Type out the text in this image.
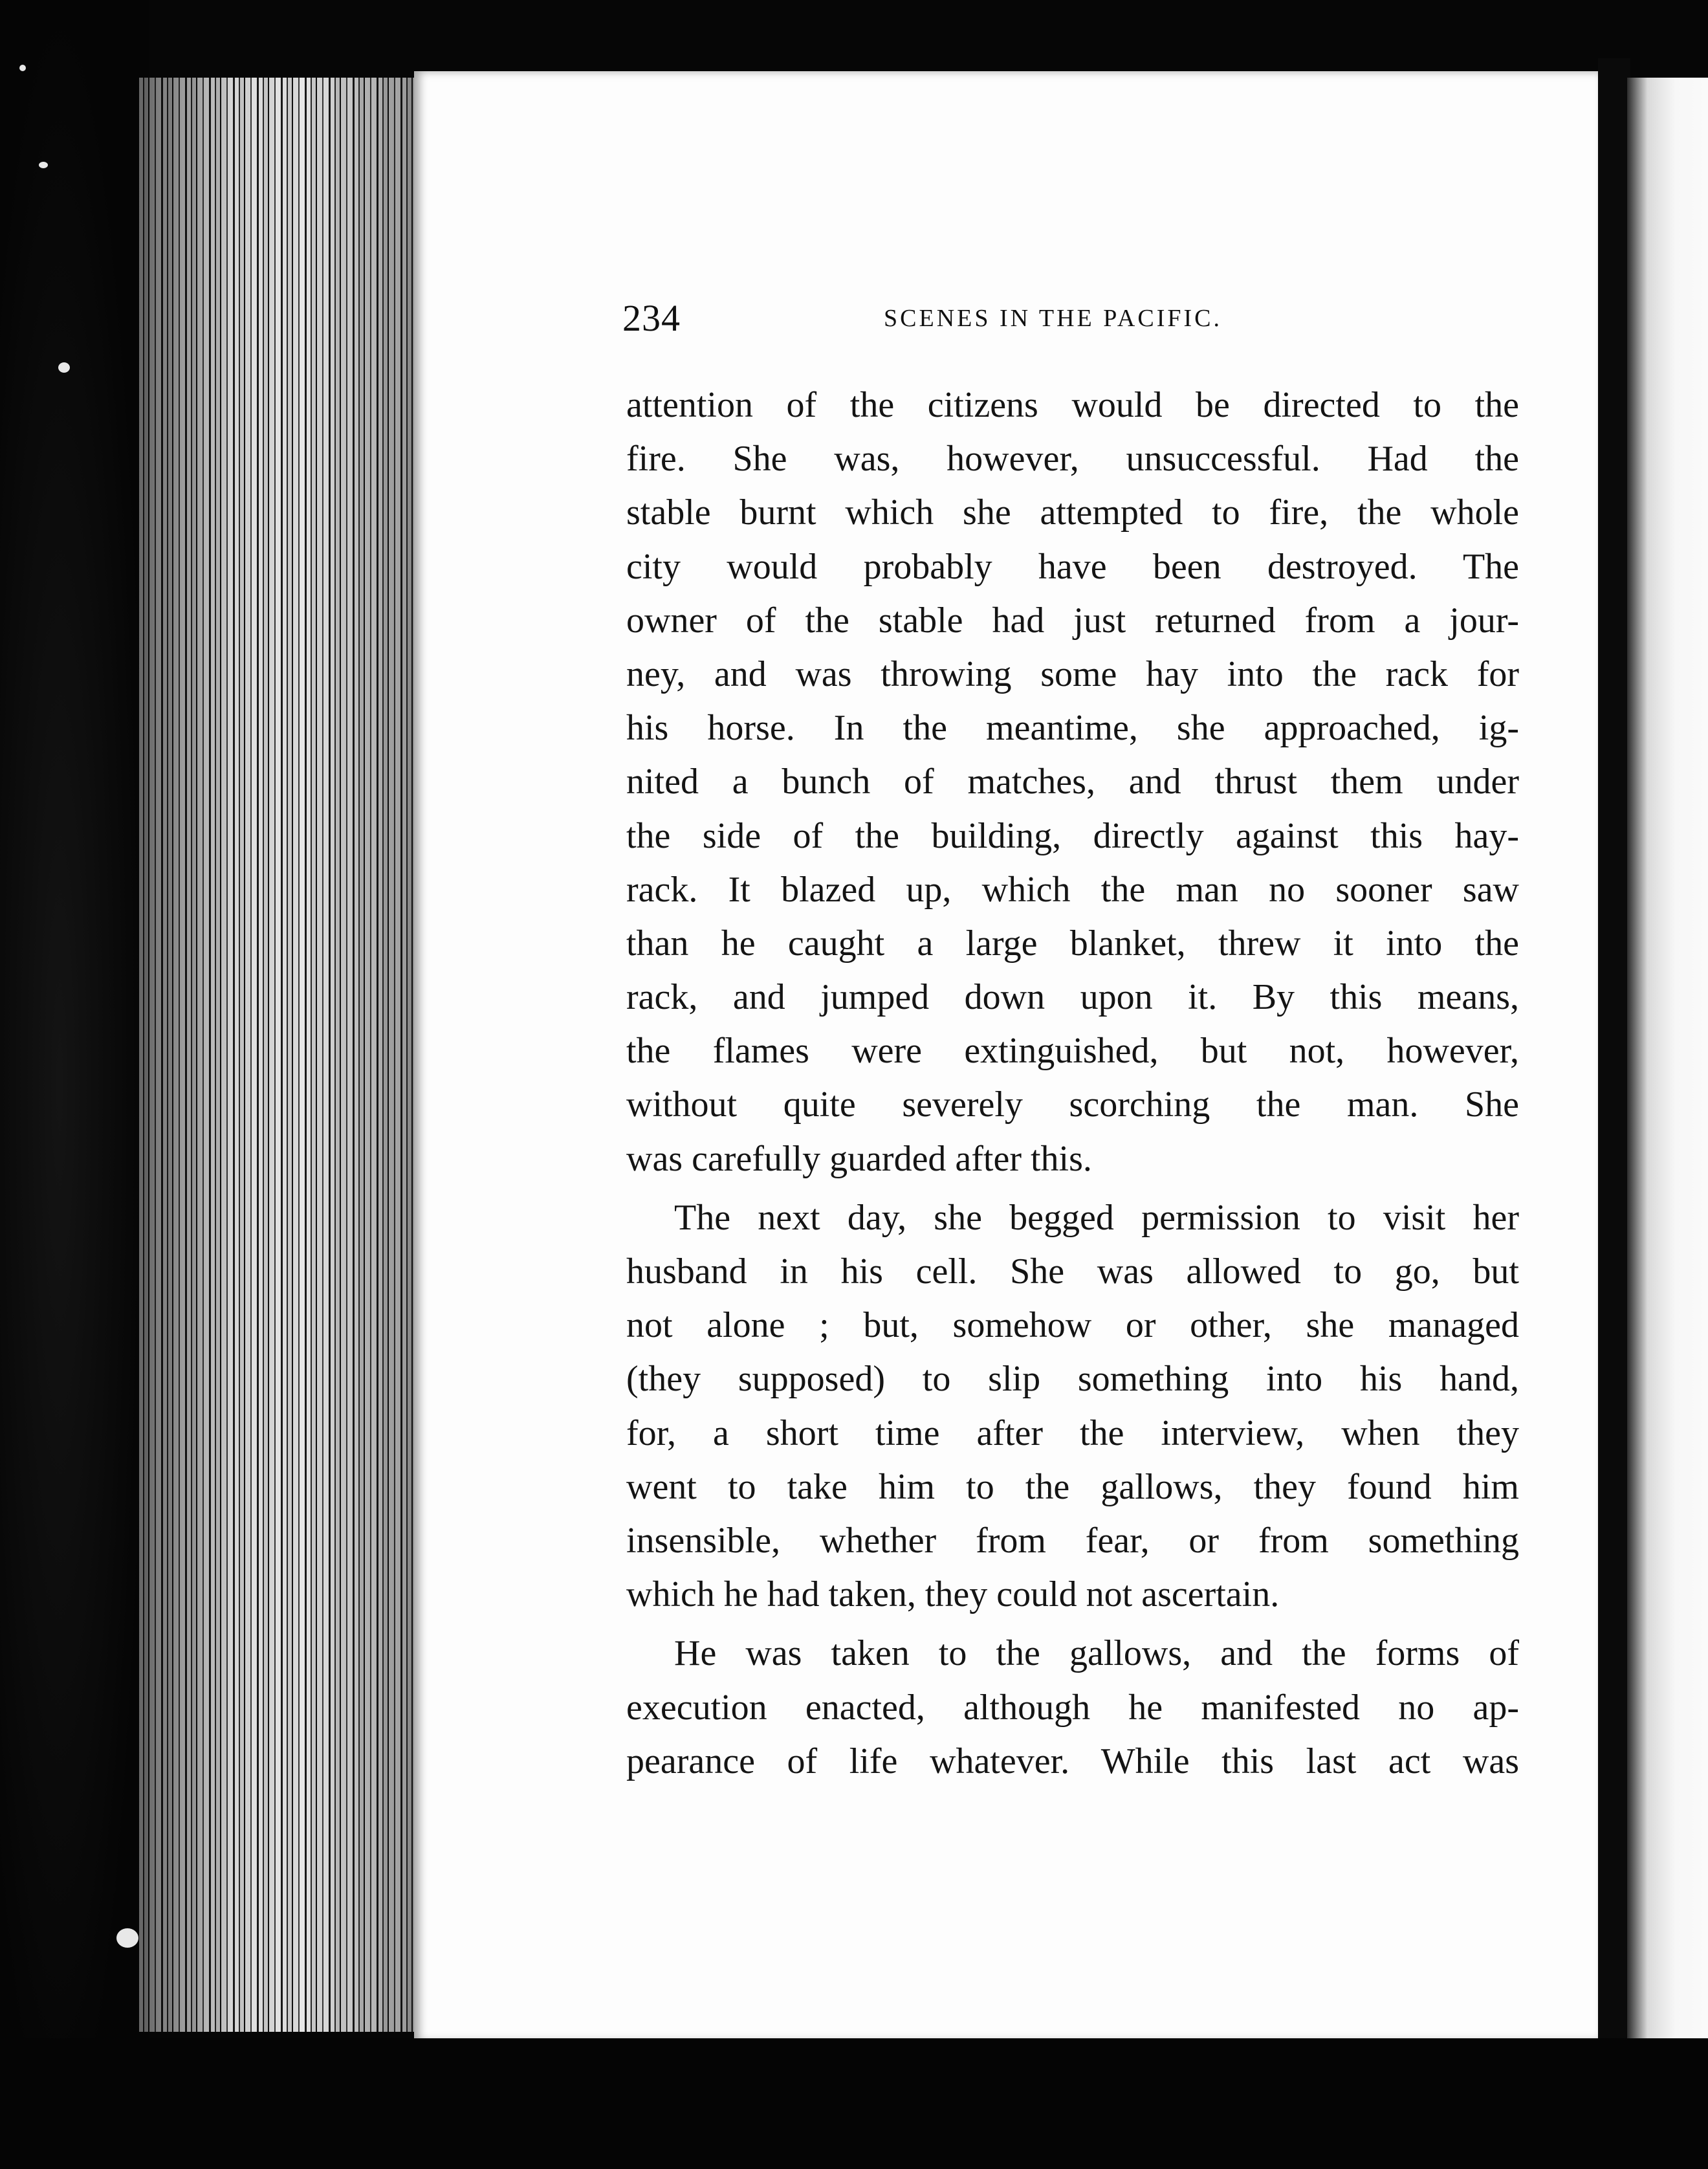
234	SCENES IN THE PACIFIC.
attention of the citizens would be directed to the
fire. She was, however, unsuccessful. Had the
stable burnt which she attempted to fire, the whole
city would probably have been destroyed. The
owner of the stable had just returned from a jour-
ney, and was throwing some hay into the rack for
his horse. In the meantime, she approached, ig-
nited a bunch of matches, and thrust them under
the side of the building, directly against this hay-
rack. It blazed up, which the man no sooner saw
than he caught a large blanket, threw it into the
rack, and jumped down upon it. By this means,
the flames were extinguished, but not, however,
without quite severely scorching the man. She
was carefully guarded after this.
The next day, she begged permission to visit her
husband in his cell. She was allowed to go, but
not alone ; but, somehow or other, she managed
(they supposed) to slip something into his hand,
for, a short time after the interview, when they
went to take him to the gallows, they found him
insensible, whether from fear, or from something
which he had taken, they could not ascertain.
He was taken to the gallows, and the forms of
execution enacted, although he manifested no ap-
pearance of life whatever. While this last act was
